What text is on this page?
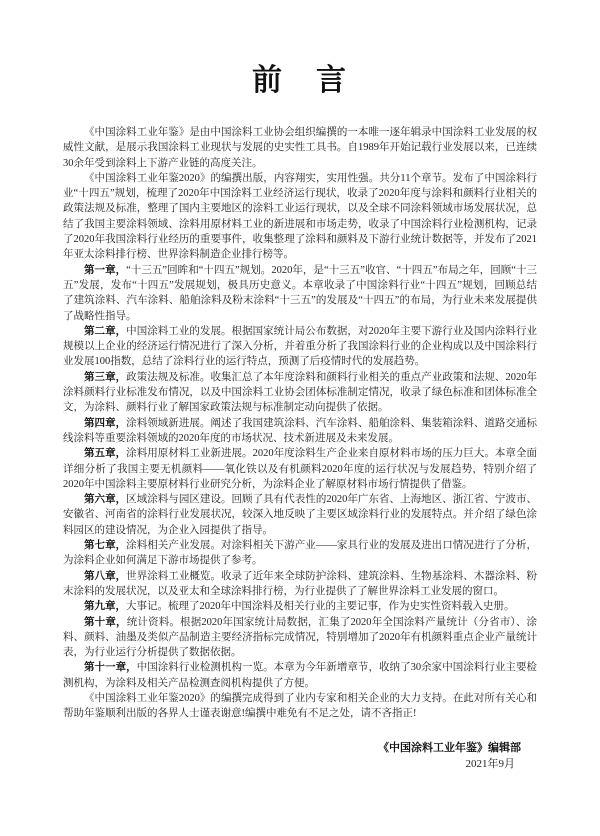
前　言

《中国涂料工业年鉴》是由中国涂料工业协会组织编撰的一本唯一逐年辑录中国涂料工业发展的权威性文献，是展示我国涂料工业现状与发展的史实性工具书。自1989年开始记载行业发展以来，已连续30余年受到涂料上下游产业链的高度关注。

《中国涂料工业年鉴2020》的编撰出版，内容翔实，实用性强。共分11个章节。发布了中国涂料行业“十四五”规划，梳理了2020年中国涂料工业经济运行现状，收录了2020年度与涂料和颜料行业相关的政策法规及标准，整理了国内主要地区的涂料工业运行现状，以及全球不同涂料领域市场发展状况，总结了我国主要涂料领域、涂料用原材料工业的新进展和市场走势，收录了中国涂料行业检测机构，记录了2020年我国涂料行业经历的重要事件，收集整理了涂料和颜料及下游行业统计数据等，并发布了2021年亚太涂料排行榜、世界涂料制造企业排行榜等。

第一章，“十三五”回眸和“十四五”规划。2020年，是“十三五”收官、“十四五”布局之年，回顾“十三五”发展，发布“十四五”发展规划，极具历史意义。本章收录了中国涂料行业“十四五”规划，回顾总结了建筑涂料、汽车涂料、船舶涂料及粉末涂料“十三五”的发展及“十四五”的布局，为行业未来发展提供了战略性指导。

第二章，中国涂料工业的发展。根据国家统计局公布数据，对2020年主要下游行业及国内涂料行业规模以上企业的经济运行情况进行了深入分析，并着重分析了我国涂料行业的企业构成以及中国涂料行业发展100指数，总结了涂料行业的运行特点，预测了后疫情时代的发展趋势。

第三章，政策法规及标准。收集汇总了本年度涂料和颜料行业相关的重点产业政策和法规、2020年涂料颜料行业标准发布情况，以及中国涂料工业协会团体标准制定情况，收录了绿色标准和团体标准全文，为涂料、颜料行业了解国家政策法规与标准制定动向提供了依据。

第四章，涂料领域新进展。阐述了我国建筑涂料、汽车涂料、船舶涂料、集装箱涂料、道路交通标线涂料等重要涂料领域的2020年度的市场状况、技术新进展及未来发展。

第五章，涂料用原材料工业新进展。2020年度涂料生产企业来自原材料市场的压力巨大。本章全面详细分析了我国主要无机颜料——氧化铁以及有机颜料2020年度的运行状况与发展趋势，特别介绍了2020年中国涂料主要原材料行业研究分析，为涂料企业了解原材料市场行情提供了借鉴。

第六章，区域涂料与园区建设。回顾了具有代表性的2020年广东省、上海地区、浙江省、宁波市、安徽省、河南省的涂料行业发展状况，较深入地反映了主要区域涂料行业的发展特点。并介绍了绿色涂料园区的建设情况，为企业入园提供了指导。

第七章，涂料相关产业发展。对涂料相关下游产业——家具行业的发展及进出口情况进行了分析，为涂料企业如何满足下游市场提供了参考。

第八章，世界涂料工业概览。收录了近年来全球防护涂料、建筑涂料、生物基涂料、木器涂料、粉末涂料的发展状况，以及亚太和全球涂料排行榜，为行业提供了了解世界涂料工业发展的窗口。

第九章，大事记。梳理了2020年中国涂料及相关行业的主要记事，作为史实性资料载入史册。

第十章，统计资料。根据2020年国家统计局数据，汇集了2020年全国涂料产量统计（分省市）、涂料、颜料、油墨及类似产品制造主要经济指标完成情况，特别增加了2020年有机颜料重点企业产量统计表，为行业运行分析提供了数据依据。

第十一章，中国涂料行业检测机构一览。本章为今年新增章节，收纳了30余家中国涂料行业主要检测机构，为涂料及相关产品检测查阅机构提供了方便。

《中国涂料工业年鉴2020》的编撰完成得到了业内专家和相关企业的大力支持。在此对所有关心和帮助年鉴顺利出版的各界人士谨表谢意!编撰中难免有不足之处，请不吝指正!

《中国涂料工业年鉴》编辑部
2021年9月
